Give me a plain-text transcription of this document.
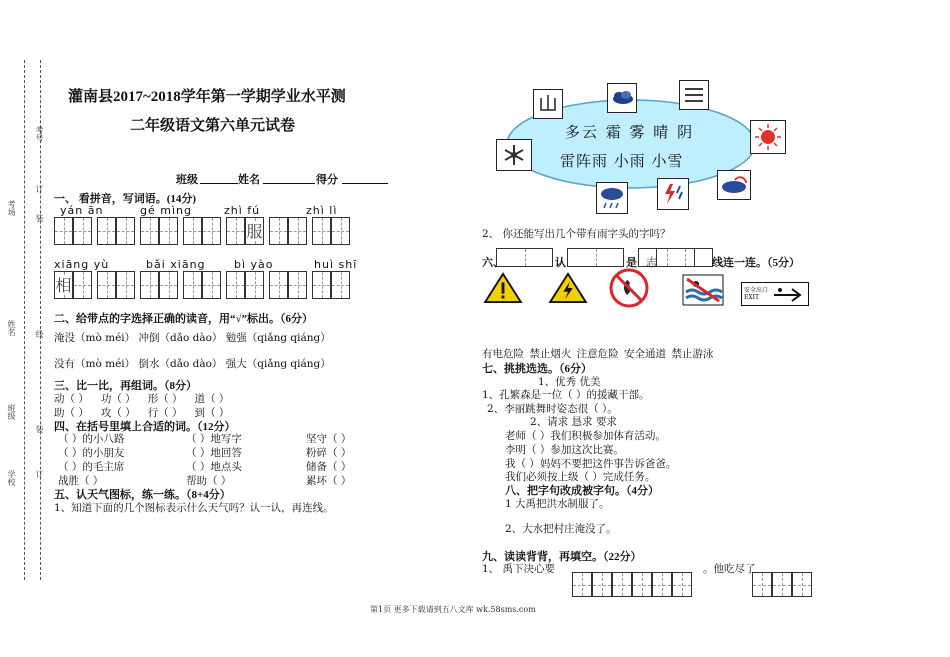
考号
考场
姓名
班级
学校
订
装
线
装
订
灌南县2017~2018学年第一学期学业水平测
二年级语文第六单元试卷
班级	姓名	得分
一、 看拼音，写词语。(14分)
yán ān	gé mìng	zhì fú	zhì lì
服
xiāng yù	bǎi xiāng	bì yào	huì shī
相
二、给带点的字选择正确的读音，用“√”标出。（6分）
淹没（mò méi） 冲倒（dǎo dào） 勉强（qiǎng qiáng）
没有（mò méi） 倒水（dǎo dào） 强大（qiǎng qiáng）
三、比一比，再组词。（8分）
动（ ） 功（ ） 形（ ） 道（ ）
助（ ） 攻（ ） 行（ ） 到（ ）
四、在括号里填上合适的词。（12分）
（ ）的小八路	（ ）地写字	坚守（ ）
（ ）的小朋友	（ ）地回答	粉碎（ ）
（ ）的毛主席	（ ）地点头	储备（ ）
战胜（ ）	帮助（ ）	累坏（ ）
五、认天气图标，练一练。（8+4分）
1、知道下面的几个图标表示什么天气吗？认一认，再连线。
多云 霜 雾 晴 阴
雷阵雨 小雨 小雪
2、 你还能写出几个带有雨字头的字吗？
六、	认	是 志	线连一连。（5分）
安全出口 EXIT
有电危险 禁止烟火 注意危险 安全通道 禁止游泳
七、挑挑选选。（6分）
1、优秀 优美
1、孔繁森是一位（ ）的援藏干部。
2、李丽跳舞时姿态很（ ）。
2、请求 恳求 要求
老师（ ）我们积极参加体育活动。
李明（ ）参加这次比赛。
我（ ）妈妈不要把这件事告诉爸爸。
我们必须按上级（ ）完成任务。
八、把字句改成被字句。（4分）
1 大禹把洪水制服了。
2、大水把村庄淹没了。
九、读读背背，再填空。（22分）
1、 禹下决心要	。他吃尽了
第1页 更多下载请到五八文库 wk.58sms.com
